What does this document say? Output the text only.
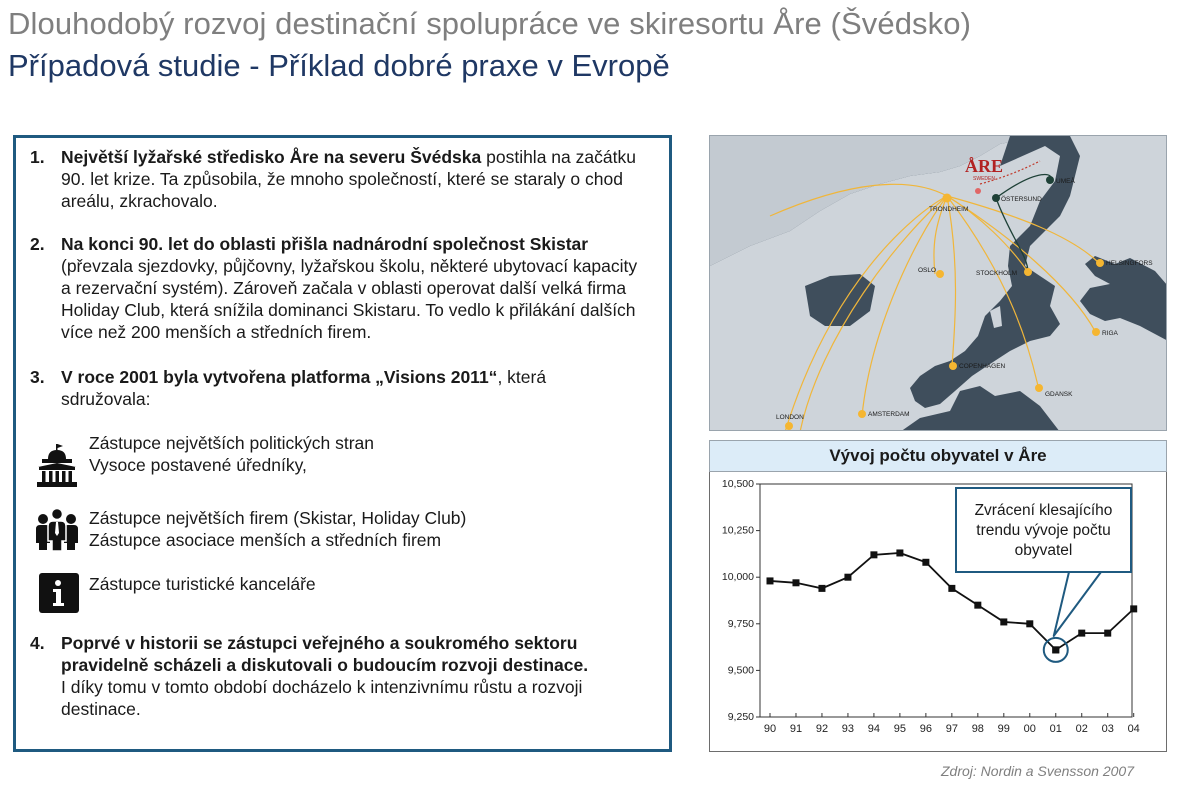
Dlouhodobý rozvoj destinační spolupráce ve skiresortu Åre (Švédsko)
Případová studie - Příklad dobré praxe v Evropě
1. Největší lyžařské středisko Åre na severu Švédska postihla na začátku
90. let krize. Ta způsobila, že mnoho společností, které se staraly o chod
areálu, zkrachovalo.
2. Na konci 90. let do oblasti přišla nadnárodní společnost Skistar
(převzala sjezdovky, půjčovny, lyžařskou školu, některé ubytovací kapacity
a rezervační systém). Zároveň začala v oblasti operovat další velká firma
Holiday Club, která snížila dominanci Skistaru. To vedlo k přilákání dalších
více než 200 menších a středních firem.
3. V roce 2001 byla vytvořena platforma „Visions 2011“, která
sdružovala:
Zástupce největších politických stran
Vysoce postavené úředníky,
Zástupce největších firem (Skistar, Holiday Club)
Zástupce asociace menších a středních firem
Zástupce turistické kanceláře
4. Poprvé v historii se zástupci veřejného a soukromého sektoru
pravidelně scházeli a diskutovali o budoucím rozvoji destinace.
I díky tomu v tomto období docházelo k intenzivnímu růstu a rozvoji
destinace.
ÅRE
SWEDEN	UMEÅ
ÖSTERSUND
TRONDHEIM
OSLO	STOCKHOLM
HELSINGFORS
RIGA
COPENHAGEN
GDANSK
AMSTERDAM
LONDON
Vývoj počtu obyvatel v Åre
10,500
10,250
10,000
9,750
9,500
9,250
90 91 92 93 94 95 96 97 98 99 00 01 02 03 04
Zvrácení klesajícího
trendu vývoje počtu
obyvatel
Zdroj: Nordin a Svensson 2007
